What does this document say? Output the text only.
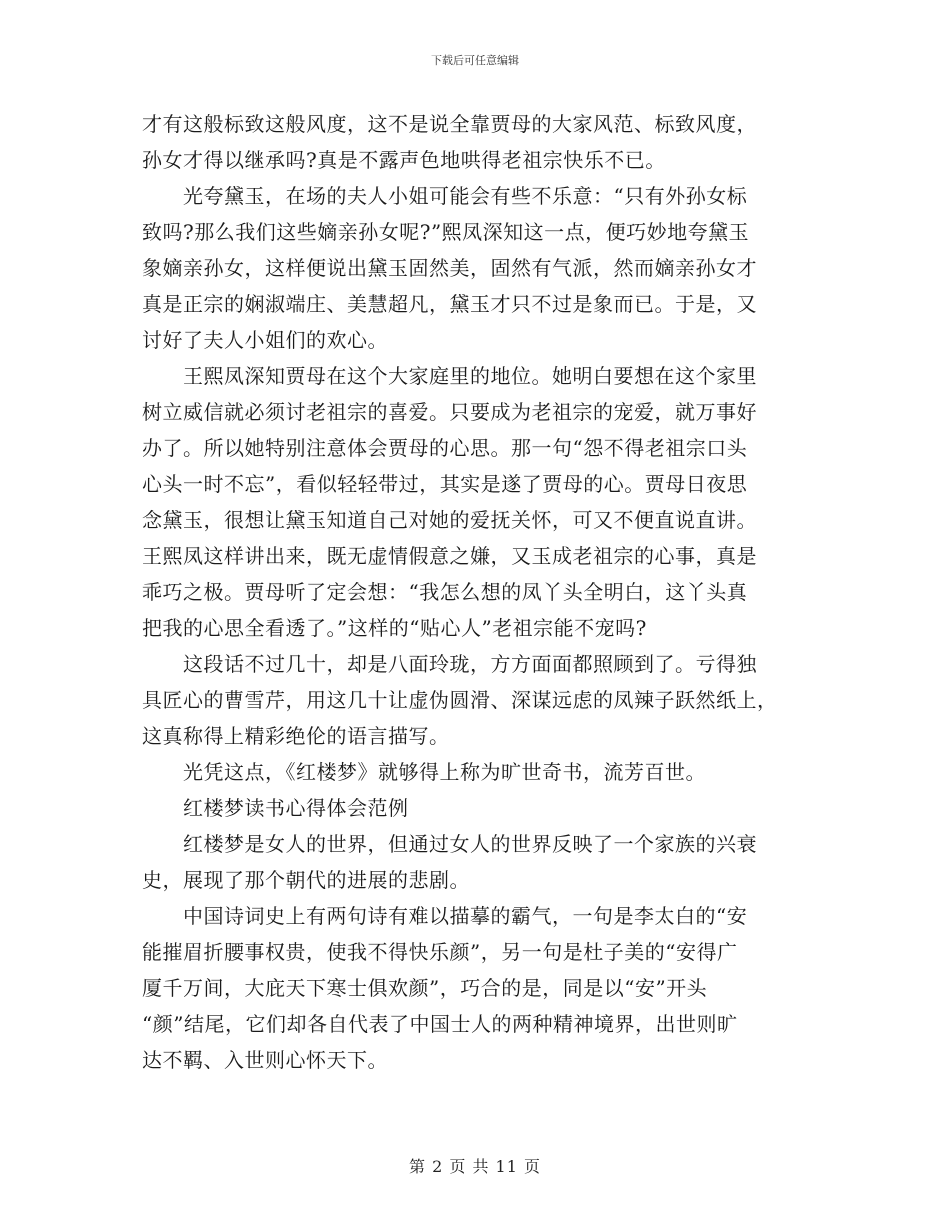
下载后可任意编辑
才有这般标致这般风度，这不是说全靠贾母的大家风范、标致风度，
孙女才得以继承吗?真是不露声色地哄得老祖宗快乐不已。
　　光夸黛玉，在场的夫人小姐可能会有些不乐意：“只有外孙女标
致吗?那么我们这些嫡亲孙女呢?”熙凤深知这一点，便巧妙地夸黛玉
象嫡亲孙女，这样便说出黛玉固然美，固然有气派，然而嫡亲孙女才
真是正宗的娴淑端庄、美慧超凡，黛玉才只不过是象而已。于是，又
讨好了夫人小姐们的欢心。
　　王熙凤深知贾母在这个大家庭里的地位。她明白要想在这个家里
树立威信就必须讨老祖宗的喜爱。只要成为老祖宗的宠爱，就万事好
办了。所以她特别注意体会贾母的心思。那一句“怨不得老祖宗口头
心头一时不忘”，看似轻轻带过，其实是遂了贾母的心。贾母日夜思
念黛玉，很想让黛玉知道自己对她的爱抚关怀，可又不便直说直讲。
王熙凤这样讲出来，既无虚情假意之嫌，又玉成老祖宗的心事，真是
乖巧之极。贾母听了定会想：“我怎么想的凤丫头全明白，这丫头真
把我的心思全看透了。”这样的“贴心人”老祖宗能不宠吗?
　　这段话不过几十，却是八面玲珑，方方面面都照顾到了。亏得独
具匠心的曹雪芹，用这几十让虚伪圆滑、深谋远虑的凤辣子跃然纸上，
这真称得上精彩绝伦的语言描写。
　　光凭这点，《红楼梦》就够得上称为旷世奇书，流芳百世。
　　红楼梦读书心得体会范例
　　红楼梦是女人的世界，但通过女人的世界反映了一个家族的兴衰
史，展现了那个朝代的进展的悲剧。
　　中国诗词史上有两句诗有难以描摹的霸气，一句是李太白的“安
能摧眉折腰事权贵，使我不得快乐颜”，另一句是杜子美的“安得广
厦千万间，大庇天下寒士俱欢颜”，巧合的是，同是以“安”开头
“颜”结尾，它们却各自代表了中国士人的两种精神境界，出世则旷
达不羁、入世则心怀天下。
第 2 页 共 11 页
